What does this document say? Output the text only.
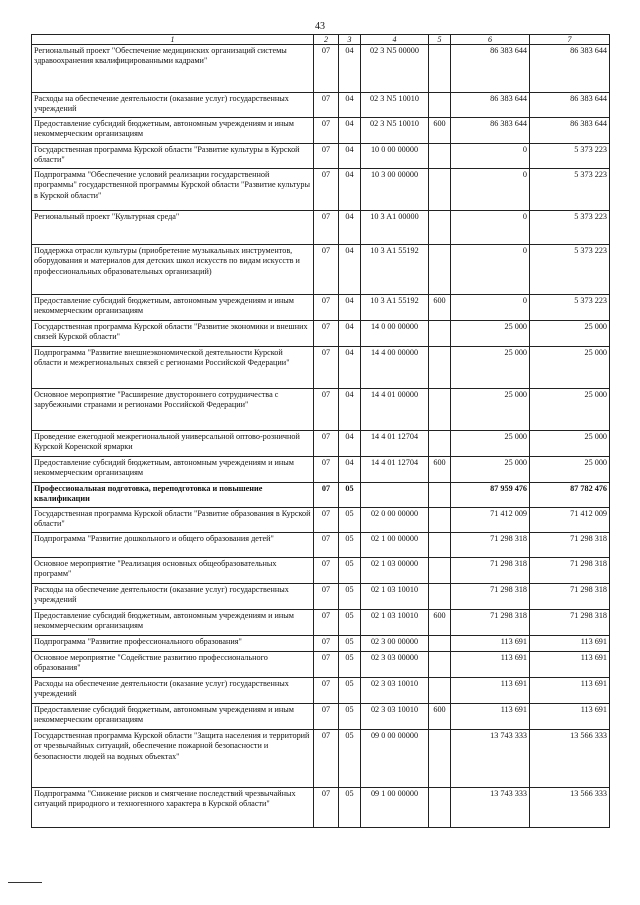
43
1	2	3	4	5	6	7
Региональный проект "Обеспечение медицинских организаций системы здравоохранения квалифицированными кадрами"	07	04	02 3 N5 00000		86 383 644	86 383 644
Расходы на обеспечение деятельности (оказание услуг) государственных учреждений	07	04	02 3 N5 10010		86 383 644	86 383 644
Предоставление субсидий бюджетным, автономным учреждениям и иным некоммерческим организациям	07	04	02 3 N5 10010	600	86 383 644	86 383 644
Государственная программа Курской области "Развитие культуры в Курской области"	07	04	10 0 00 00000		0	5 373 223
Подпрограмма "Обеспечение условий реализации государственной программы" государственной программы Курской области "Развитие культуры в Курской области"	07	04	10 3 00 00000		0	5 373 223
Региональный проект "Культурная среда"	07	04	10 3 A1 00000		0	5 373 223
Поддержка отрасли культуры (приобретение музыкальных инструментов, оборудования и материалов для детских школ искусств по видам искусств и профессиональных образовательных организаций)	07	04	10 3 A1 55192		0	5 373 223
Предоставление субсидий бюджетным, автономным учреждениям и иным некоммерческим организациям	07	04	10 3 A1 55192	600	0	5 373 223
Государственная программа Курской области "Развитие экономики и внешних связей Курской области"	07	04	14 0 00 00000		25 000	25 000
Подпрограмма "Развитие внешнеэкономической деятельности Курской области и межрегиональных связей с регионами Российской Федерации"	07	04	14 4 00 00000		25 000	25 000
Основное мероприятие "Расширение двустороннего сотрудничества с зарубежными странами и регионами Российской Федерации"	07	04	14 4 01 00000		25 000	25 000
Проведение ежегодной межрегиональной универсальной оптово-розничной Курской Коренской ярмарки	07	04	14 4 01 12704		25 000	25 000
Предоставление субсидий бюджетным, автономным учреждениям и иным некоммерческим организациям	07	04	14 4 01 12704	600	25 000	25 000
Профессиональная подготовка, переподготовка и повышение квалификации	07	05			87 959 476	87 782 476
Государственная программа Курской области "Развитие образования в Курской области"	07	05	02 0 00 00000		71 412 009	71 412 009
Подпрограмма "Развитие дошкольного и общего образования детей"	07	05	02 1 00 00000		71 298 318	71 298 318
Основное мероприятие "Реализация основных общеобразовательных программ"	07	05	02 1 03 00000		71 298 318	71 298 318
Расходы на обеспечение деятельности (оказание услуг) государственных учреждений	07	05	02 1 03 10010		71 298 318	71 298 318
Предоставление субсидий бюджетным, автономным учреждениям и иным некоммерческим организациям	07	05	02 1 03 10010	600	71 298 318	71 298 318
Подпрограмма "Развитие профессионального образования"	07	05	02 3 00 00000		113 691	113 691
Основное мероприятие "Содействие развитию профессионального образования"	07	05	02 3 03 00000		113 691	113 691
Расходы на обеспечение деятельности (оказание услуг) государственных учреждений	07	05	02 3 03 10010		113 691	113 691
Предоставление субсидий бюджетным, автономным учреждениям и иным некоммерческим организациям	07	05	02 3 03 10010	600	113 691	113 691
Государственная программа Курской области "Защита населения и территорий от чрезвычайных ситуаций, обеспечение пожарной безопасности и безопасности людей на водных объектах"	07	05	09 0 00 00000		13 743 333	13 566 333
Подпрограмма "Снижение рисков и смягчение последствий чрезвычайных ситуаций природного и техногенного характера в Курской области"	07	05	09 1 00 00000		13 743 333	13 566 333
